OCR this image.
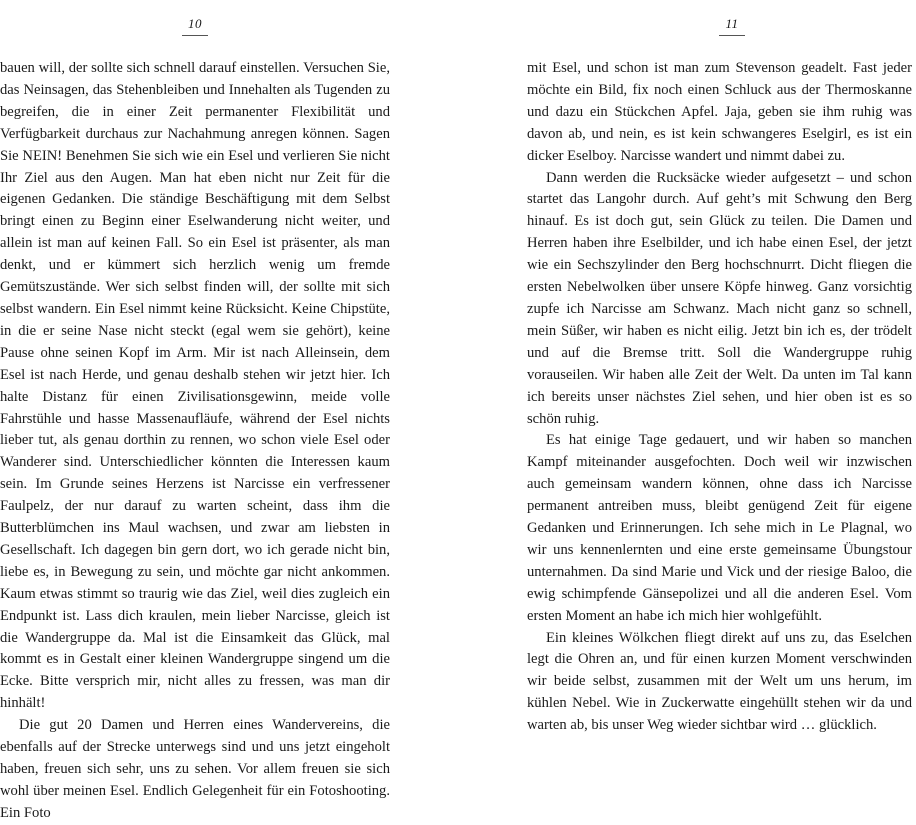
10

bauen will, der sollte sich schnell darauf einstellen. Versuchen Sie, das Neinsagen, das Stehenbleiben und Innehalten als Tugenden zu begreifen, die in einer Zeit permanenter Flexibilität und Verfügbarkeit durchaus zur Nachahmung anregen können. Sagen Sie NEIN! Benehmen Sie sich wie ein Esel und verlieren Sie nicht Ihr Ziel aus den Augen. Man hat eben nicht nur Zeit für die eigenen Gedanken. Die ständige Beschäftigung mit dem Selbst bringt einen zu Beginn einer Eselwanderung nicht weiter, und allein ist man auf keinen Fall. So ein Esel ist präsenter, als man denkt, und er kümmert sich herzlich wenig um fremde Gemütszustände. Wer sich selbst finden will, der sollte mit sich selbst wandern. Ein Esel nimmt keine Rücksicht. Keine Chipstüte, in die er seine Nase nicht steckt (egal wem sie gehört), keine Pause ohne seinen Kopf im Arm. Mir ist nach Alleinsein, dem Esel ist nach Herde, und genau deshalb stehen wir jetzt hier. Ich halte Distanz für einen Zivilisationsgewinn, meide volle Fahrstühle und hasse Massenaufläufe, während der Esel nichts lieber tut, als genau dorthin zu rennen, wo schon viele Esel oder Wanderer sind. Unterschiedlicher könnten die Interessen kaum sein. Im Grunde seines Herzens ist Narcisse ein verfressener Faulpelz, der nur darauf zu warten scheint, dass ihm die Butterblümchen ins Maul wachsen, und zwar am liebsten in Gesellschaft. Ich dagegen bin gern dort, wo ich gerade nicht bin, liebe es, in Bewegung zu sein, und möchte gar nicht ankommen. Kaum etwas stimmt so traurig wie das Ziel, weil dies zugleich ein Endpunkt ist. Lass dich kraulen, mein lieber Narcisse, gleich ist die Wandergruppe da. Mal ist die Einsamkeit das Glück, mal kommt es in Gestalt einer kleinen Wandergruppe singend um die Ecke. Bitte versprich mir, nicht alles zu fressen, was man dir hinhält!

Die gut 20 Damen und Herren eines Wandervereins, die ebenfalls auf der Strecke unterwegs sind und uns jetzt eingeholt haben, freuen sich sehr, uns zu sehen. Vor allem freuen sie sich wohl über meinen Esel. Endlich Gelegenheit für ein Fotoshooting. Ein Foto

11

mit Esel, und schon ist man zum Stevenson geadelt. Fast jeder möchte ein Bild, fix noch einen Schluck aus der Thermoskanne und dazu ein Stückchen Apfel. Jaja, geben sie ihm ruhig was davon ab, und nein, es ist kein schwangeres Eselgirl, es ist ein dicker Eselboy. Narcisse wandert und nimmt dabei zu.

Dann werden die Rucksäcke wieder aufgesetzt – und schon startet das Langohr durch. Auf geht’s mit Schwung den Berg hinauf. Es ist doch gut, sein Glück zu teilen. Die Damen und Herren haben ihre Eselbilder, und ich habe einen Esel, der jetzt wie ein Sechszylinder den Berg hochschnurrt. Dicht fliegen die ersten Nebelwolken über unsere Köpfe hinweg. Ganz vorsichtig zupfe ich Narcisse am Schwanz. Mach nicht ganz so schnell, mein Süßer, wir haben es nicht eilig. Jetzt bin ich es, der trödelt und auf die Bremse tritt. Soll die Wandergruppe ruhig vorauseilen. Wir haben alle Zeit der Welt. Da unten im Tal kann ich bereits unser nächstes Ziel sehen, und hier oben ist es so schön ruhig.

Es hat einige Tage gedauert, und wir haben so manchen Kampf miteinander ausgefochten. Doch weil wir inzwischen auch gemeinsam wandern können, ohne dass ich Narcisse permanent antreiben muss, bleibt genügend Zeit für eigene Gedanken und Erinnerungen. Ich sehe mich in Le Plagnal, wo wir uns kennenlernten und eine erste gemeinsame Übungstour unternahmen. Da sind Marie und Vick und der riesige Baloo, die ewig schimpfende Gänsepolizei und all die anderen Esel. Vom ersten Moment an habe ich mich hier wohlgefühlt.

Ein kleines Wölkchen fliegt direkt auf uns zu, das Eselchen legt die Ohren an, und für einen kurzen Moment verschwinden wir beide selbst, zusammen mit der Welt um uns herum, im kühlen Nebel. Wie in Zuckerwatte eingehüllt stehen wir da und warten ab, bis unser Weg wieder sichtbar wird … glücklich.
